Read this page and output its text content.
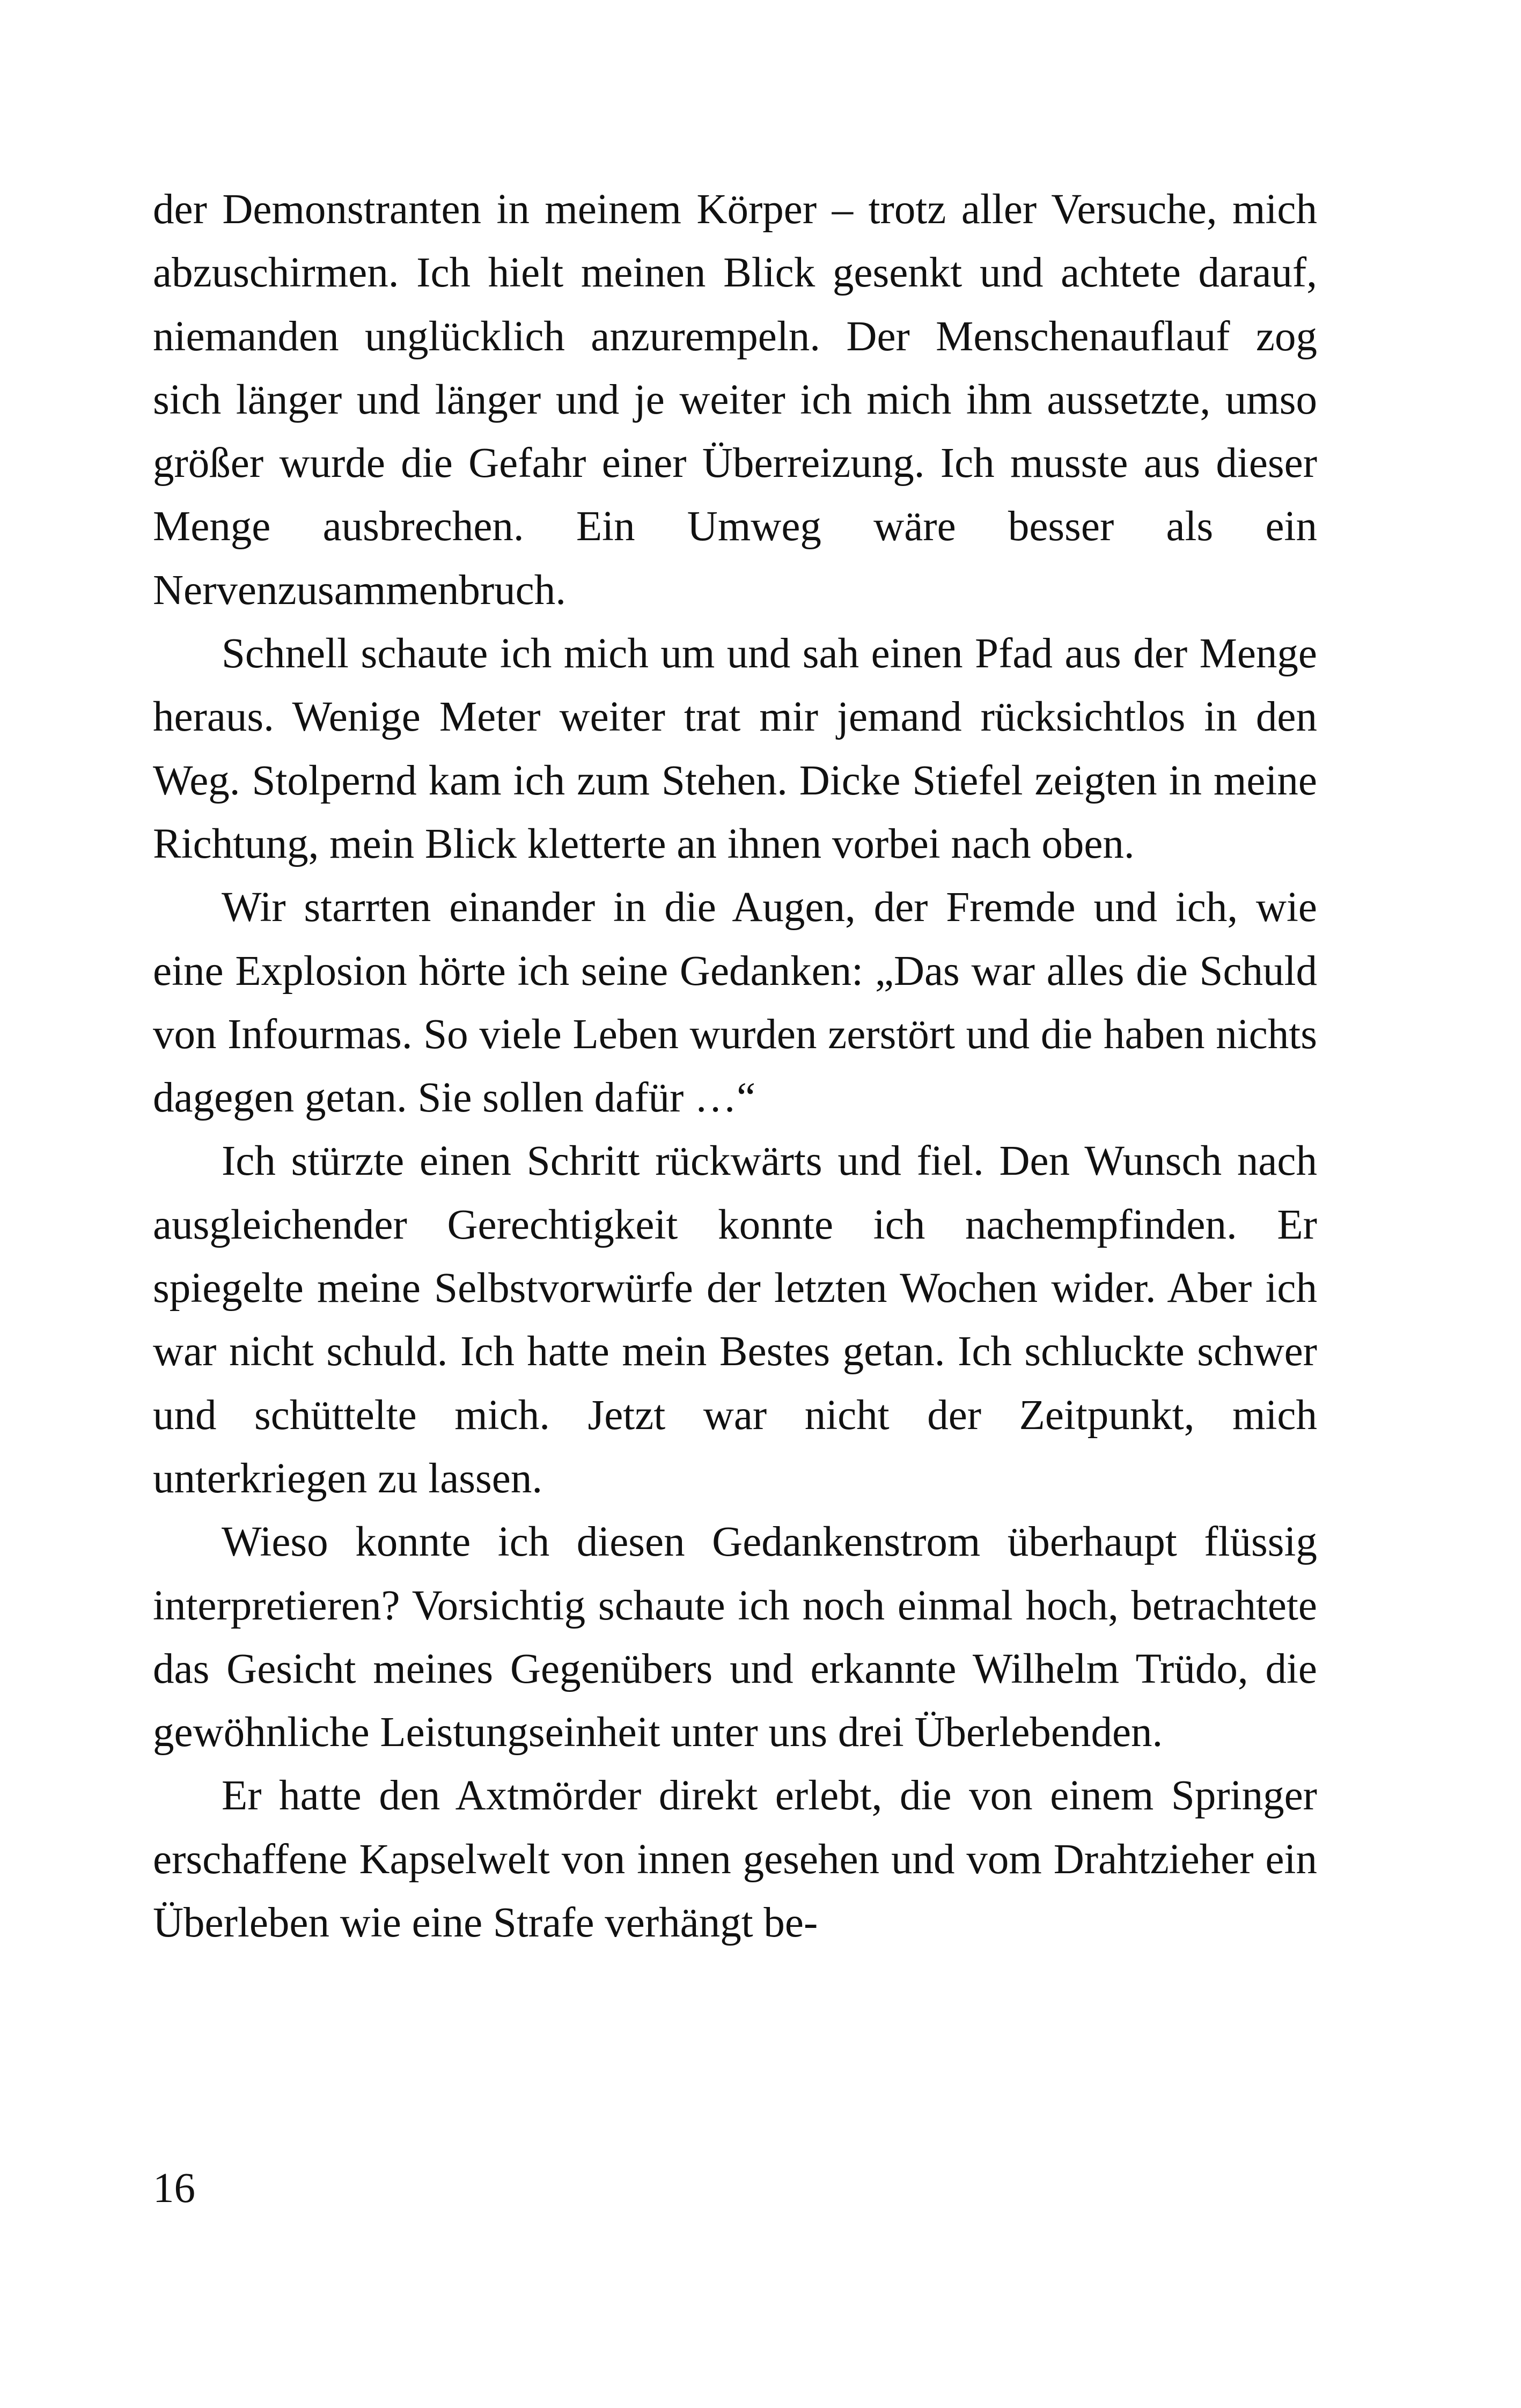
der Demonstranten in meinem Körper – trotz aller Versuche, mich abzuschirmen. Ich hielt meinen Blick gesenkt und achtete darauf, niemanden unglücklich anzurempeln. Der Menschenauflauf zog sich länger und länger und je weiter ich mich ihm aussetzte, umso größer wurde die Gefahr einer Überreizung. Ich musste aus dieser Menge ausbrechen. Ein Umweg wäre besser als ein Nervenzusammenbruch.

Schnell schaute ich mich um und sah einen Pfad aus der Menge heraus. Wenige Meter weiter trat mir jemand rücksichtlos in den Weg. Stolpernd kam ich zum Stehen. Dicke Stiefel zeigten in meine Richtung, mein Blick kletterte an ihnen vorbei nach oben.

Wir starrten einander in die Augen, der Fremde und ich, wie eine Explosion hörte ich seine Gedanken: „Das war alles die Schuld von Infourmas. So viele Leben wurden zerstört und die haben nichts dagegen getan. Sie sollen dafür …“

Ich stürzte einen Schritt rückwärts und fiel. Den Wunsch nach ausgleichender Gerechtigkeit konnte ich nachempfinden. Er spiegelte meine Selbstvorwürfe der letzten Wochen wider. Aber ich war nicht schuld. Ich hatte mein Bestes getan. Ich schluckte schwer und schüttelte mich. Jetzt war nicht der Zeitpunkt, mich unterkriegen zu lassen.

Wieso konnte ich diesen Gedankenstrom überhaupt flüssig interpretieren? Vorsichtig schaute ich noch einmal hoch, betrachtete das Gesicht meines Gegenübers und erkannte Wilhelm Trüdo, die gewöhnliche Leistungseinheit unter uns drei Überlebenden.

Er hatte den Axtmörder direkt erlebt, die von einem Springer erschaffene Kapselwelt von innen gesehen und vom Drahtzieher ein Überleben wie eine Strafe verhängt be-

16
